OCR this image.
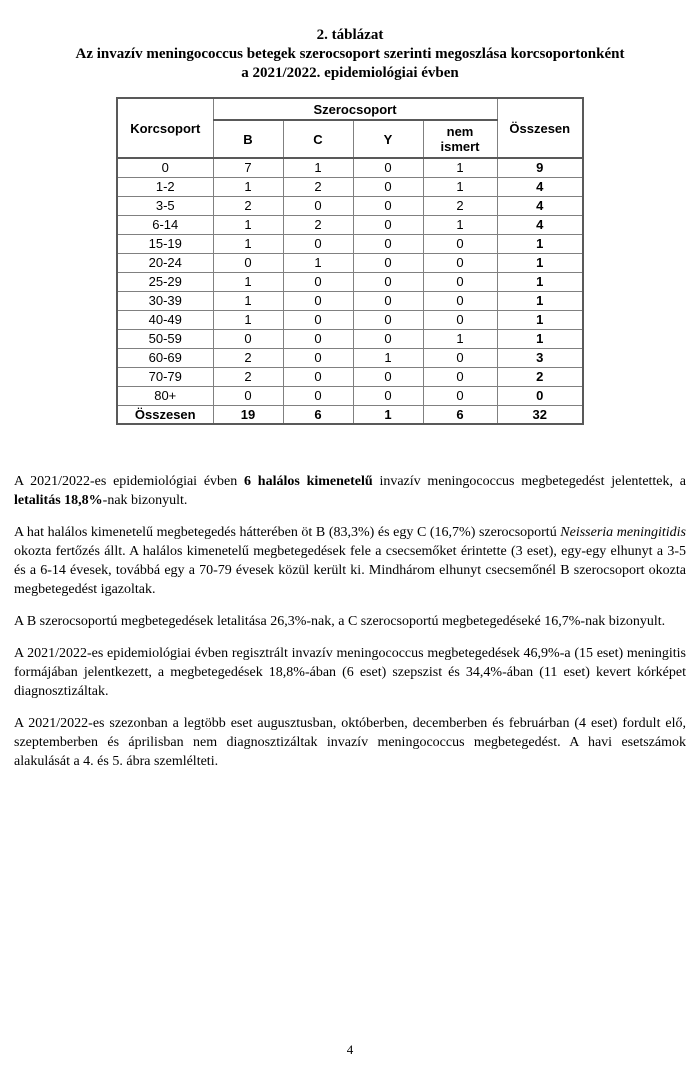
2. táblázat
Az invazív meningococcus betegek szerocsoport szerinti megoszlása korcsoportonként
a 2021/2022. epidemiológiai évben
Korcsoport	Szerocsoport				Összesen
	B	C	Y	nem ismert	
0	7	1	0	1	9
1-2	1	2	0	1	4
3-5	2	0	0	2	4
6-14	1	2	0	1	4
15-19	1	0	0	0	1
20-24	0	1	0	0	1
25-29	1	0	0	0	1
30-39	1	0	0	0	1
40-49	1	0	0	0	1
50-59	0	0	0	1	1
60-69	2	0	1	0	3
70-79	2	0	0	0	2
80+	0	0	0	0	0
Összesen	19	6	1	6	32

A 2021/2022-es epidemiológiai évben 6 halálos kimenetelű invazív meningococcus megbetegedést jelentettek, a letalitás 18,8%-nak bizonyult.

A hat halálos kimenetelű megbetegedés hátterében öt B (83,3%) és egy C (16,7%) szerocsoportú Neisseria meningitidis okozta fertőzés állt. A halálos kimenetelű megbetegedések fele a csecsemőket érintette (3 eset), egy-egy elhunyt a 3-5 és a 6-14 évesek, továbbá egy a 70-79 évesek közül került ki. Mindhárom elhunyt csecsemőnél B szerocsoport okozta megbetegedést igazoltak.

A B szerocsoportú megbetegedések letalitása 26,3%-nak, a C szerocsoportú megbetegedéseké 16,7%-nak bizonyult.

A 2021/2022-es epidemiológiai évben regisztrált invazív meningococcus megbetegedések 46,9%-a (15 eset) meningitis formájában jelentkezett, a megbetegedések 18,8%-ában (6 eset) szepszist és 34,4%-ában (11 eset) kevert kórképet diagnosztizáltak.

A 2021/2022-es szezonban a legtöbb eset augusztusban, októberben, decemberben és februárban (4 eset) fordult elő, szeptemberben és áprilisban nem diagnosztizáltak invazív meningococcus megbetegedést. A havi esetszámok alakulását a 4. és 5. ábra szemlélteti.

4
